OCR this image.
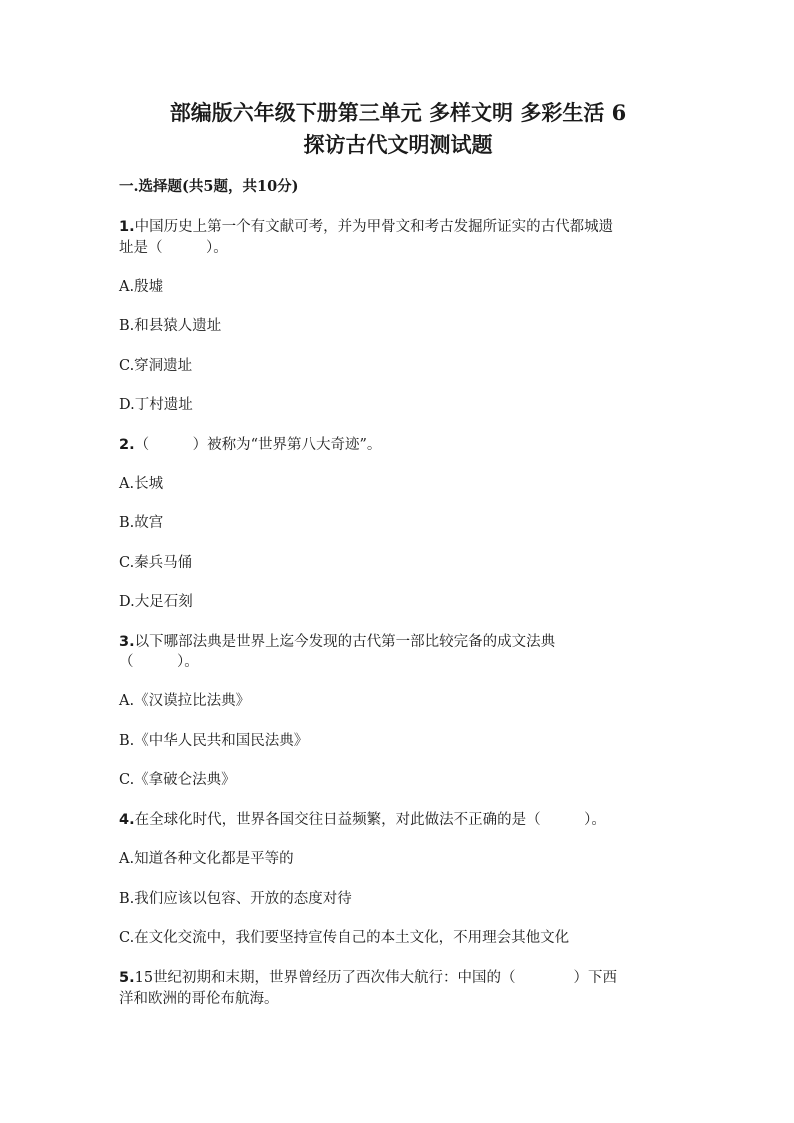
部编版六年级下册第三单元 多样文明 多彩生活 6
探访古代文明测试题
一.选择题(共5题，共10分)
1.中国历史上第一个有文献可考，并为甲骨文和考古发掘所证实的古代都城遗
址是（　　　）。
A.殷墟
B.和县猿人遗址
C.穿洞遗址
D.丁村遗址
2.（　　　）被称为“世界第八大奇迹”。
A.长城
B.故宫
C.秦兵马俑
D.大足石刻
3.以下哪部法典是世界上迄今发现的古代第一部比较完备的成文法典
（　　　）。
A.《汉谟拉比法典》
B.《中华人民共和国民法典》
C.《拿破仑法典》
4.在全球化时代，世界各国交往日益频繁，对此做法不正确的是（　　　）。
A.知道各种文化都是平等的
B.我们应该以包容、开放的态度对待
C.在文化交流中，我们要坚持宣传自己的本土文化，不用理会其他文化
5.15世纪初期和末期，世界曾经历了西次伟大航行：中国的（　　　　）下西
洋和欧洲的哥伦布航海。
